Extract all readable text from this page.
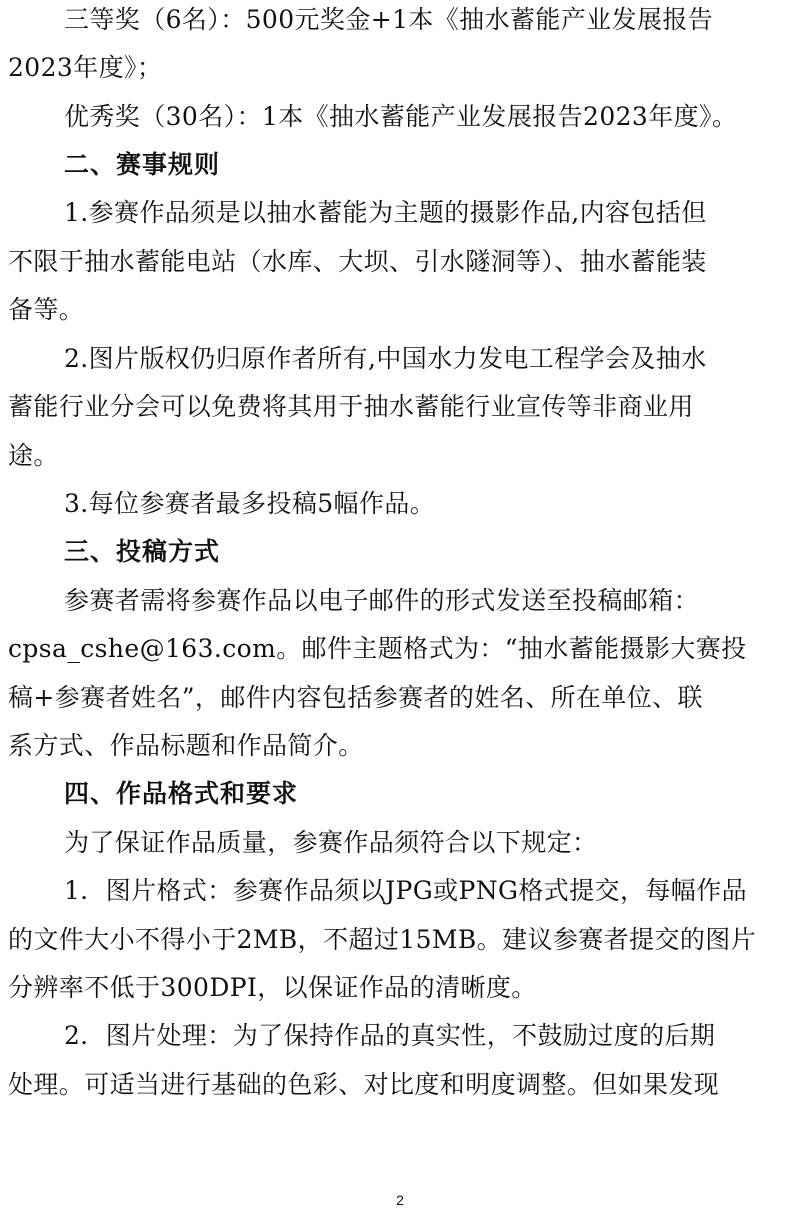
三等奖（6名）：500元奖金+1本《抽水蓄能产业发展报告
2023年度》；
优秀奖（30名）：1本《抽水蓄能产业发展报告2023年度》。
二、赛事规则
1.参赛作品须是以抽水蓄能为主题的摄影作品,内容包括但
不限于抽水蓄能电站（水库、大坝、引水隧洞等）、抽水蓄能装
备等。
2.图片版权仍归原作者所有,中国水力发电工程学会及抽水
蓄能行业分会可以免费将其用于抽水蓄能行业宣传等非商业用
途。
3.每位参赛者最多投稿5幅作品。
三、投稿方式
参赛者需将参赛作品以电子邮件的形式发送至投稿邮箱：
cpsa_cshe@163.com。邮件主题格式为：“抽水蓄能摄影大赛投
稿+参赛者姓名”，邮件内容包括参赛者的姓名、所在单位、联
系方式、作品标题和作品简介。
四、作品格式和要求
为了保证作品质量，参赛作品须符合以下规定：
1．图片格式：参赛作品须以JPG或PNG格式提交，每幅作品
的文件大小不得小于2MB，不超过15MB。建议参赛者提交的图片
分辨率不低于300DPI，以保证作品的清晰度。
2．图片处理：为了保持作品的真实性，不鼓励过度的后期
处理。可适当进行基础的色彩、对比度和明度调整。但如果发现
2
